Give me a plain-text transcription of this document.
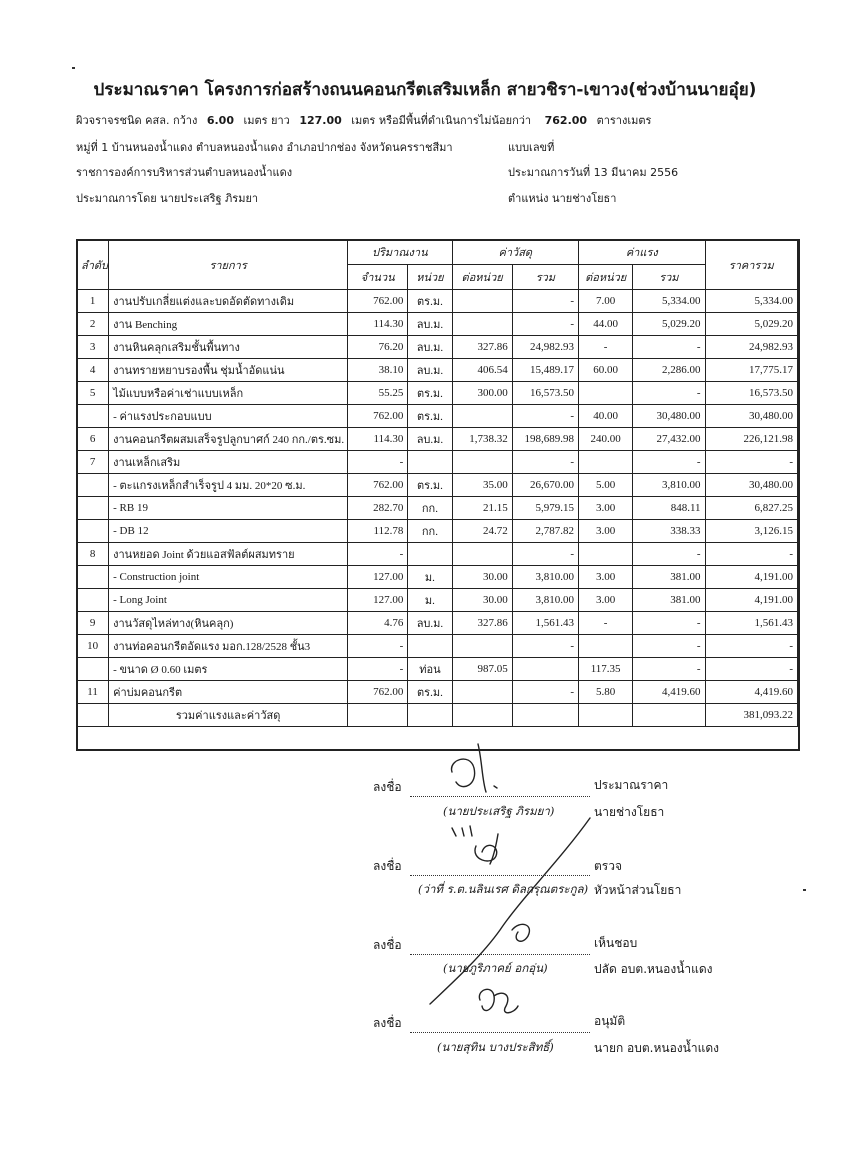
ประมาณราคา โครงการก่อสร้างถนนคอนกรีตเสริมเหล็ก สายวชิรา-เขาวง(ช่วงบ้านนายอุ๋ย)
ผิวจราจรชนิด คสล. กว้าง 6.00 เมตร ยาว 127.00 เมตร หรือมีพื้นที่ดำเนินการไม่น้อยกว่า 762.00 ตารางเมตร
หมู่ที่ 1 บ้านหนองน้ำแดง ตำบลหนองน้ำแดง อำเภอปากช่อง จังหวัดนครราชสีมา	แบบเลขที่
ราชการองค์การบริหารส่วนตำบลหนองน้ำแดง	ประมาณการวันที่ 13 มีนาคม 2556
ประมาณการโดย นายประเสริฐ ภิรมยา	ตำแหน่ง นายช่างโยธา
ลำดับ	รายการ	ปริมาณงาน		ค่าวัสดุ		ค่าแรง		ราคารวม
		จำนวน	หน่วย	ต่อหน่วย	รวม	ต่อหน่วย	รวม	
1	งานปรับเกลี่ยแต่งและบดอัดตัดทางเดิม	762.00	ตร.ม.		-	7.00	5,334.00	5,334.00
2	งาน Benching	114.30	ลบ.ม.		-	44.00	5,029.20	5,029.20
3	งานหินคลุกเสริมชั้นพื้นทาง	76.20	ลบ.ม.	327.86	24,982.93	-	-	24,982.93
4	งานทรายหยาบรองพื้น ชุ่มน้ำอัดแน่น	38.10	ลบ.ม.	406.54	15,489.17	60.00	2,286.00	17,775.17
5	ไม้แบบหรือค่าเช่าแบบเหล็ก	55.25	ตร.ม.	300.00	16,573.50		-	16,573.50
	- ค่าแรงประกอบแบบ	762.00	ตร.ม.		-	40.00	30,480.00	30,480.00
6	งานคอนกรีตผสมเสร็จรูปลูกบาศก์ 240 กก./ตร.ซม.	114.30	ลบ.ม.	1,738.32	198,689.98	240.00	27,432.00	226,121.98
7	งานเหล็กเสริม	-			-		-	-
	- ตะแกรงเหล็กสำเร็จรูป 4 มม. 20*20 ซ.ม.	762.00	ตร.ม.	35.00	26,670.00	5.00	3,810.00	30,480.00
	- RB 19	282.70	กก.	21.15	5,979.15	3.00	848.11	6,827.25
	- DB 12	112.78	กก.	24.72	2,787.82	3.00	338.33	3,126.15
8	งานหยอด Joint ด้วยแอสฟัลต์ผสมทราย	-			-		-	-
	- Construction joint	127.00	ม.	30.00	3,810.00	3.00	381.00	4,191.00
	- Long Joint	127.00	ม.	30.00	3,810.00	3.00	381.00	4,191.00
9	งานวัสดุไหล่ทาง(หินคลุก)	4.76	ลบ.ม.	327.86	1,561.43	-	-	1,561.43
10	งานท่อคอนกรีตอัดแรง มอก.128/2528 ชั้น3	-			-		-	-
	- ขนาด Ø 0.60 เมตร	-	ท่อน	987.05		117.35	-	-
11	ค่าบ่มคอนกรีต	762.00	ตร.ม.		-	5.80	4,419.60	4,419.60
	รวมค่าแรงและค่าวัสดุ							381,093.22
ลงชื่อ	ประมาณราคา
(นายประเสริฐ ภิรมยา)	นายช่างโยธา
ลงชื่อ	ตรวจ
(ว่าที่ ร.ต.นลินเรศ ดิลกรุณตระกูล) หัวหน้าส่วนโยธา
ลงชื่อ	เห็นชอบ
(นายภูริภาคย์ อกอุ่น)	ปลัด อบต.หนองน้ำแดง
ลงชื่อ	อนุมัติ
(นายสุทิน บางประสิทธิ์)	นายก อบต.หนองน้ำแดง
